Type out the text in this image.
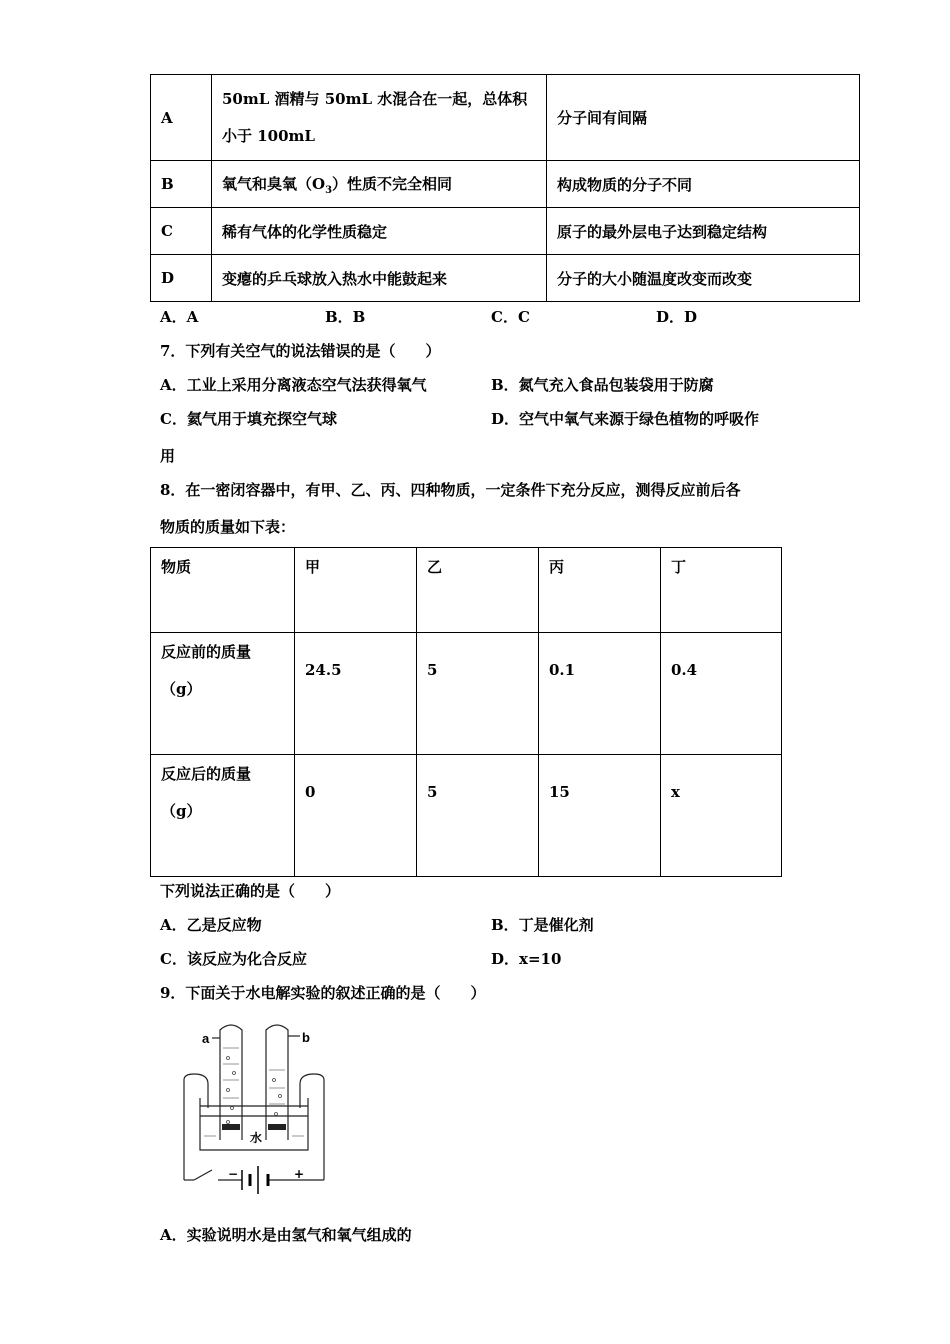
A	50mL 酒精与 50mL 水混合在一起，总体积
小于 100mL	分子间有间隔
B	氧气和臭氧$(O_3)$性质不完全相同	构成物质的分子不同
C	稀有气体的化学性质稳定	原子的最外层电子达到稳定结构
D	变瘪的乒乓球放入热水中能鼓起来	分子的大小随温度改变而改变
A．A	B．B	C．C	D．D
7．下列有关空气的说法错误的是（　　）
A．工业上采用分离液态空气法获得氧气	B．氮气充入食品包装袋用于防腐
C．氦气用于填充探空气球	D．空气中氧气来源于绿色植物的呼吸作
用
8．在一密闭容器中，有甲、乙、丙、四种物质，一定条件下充分反应，测得反应前后各
物质的质量如下表：
物质	甲	乙	丙	丁

反应前的质量
（g）	24.5	5	0.1	0.4

反应后的质量
（g）	0	5	15	x
下列说法正确的是（　　）
A．乙是反应物	B．丁是催化剂
C．该反应为化合反应	D．x=10
9．下面关于水电解实验的叙述正确的是（　　）
a	b
水
−	+
A．实验说明水是由氢气和氧气组成的
